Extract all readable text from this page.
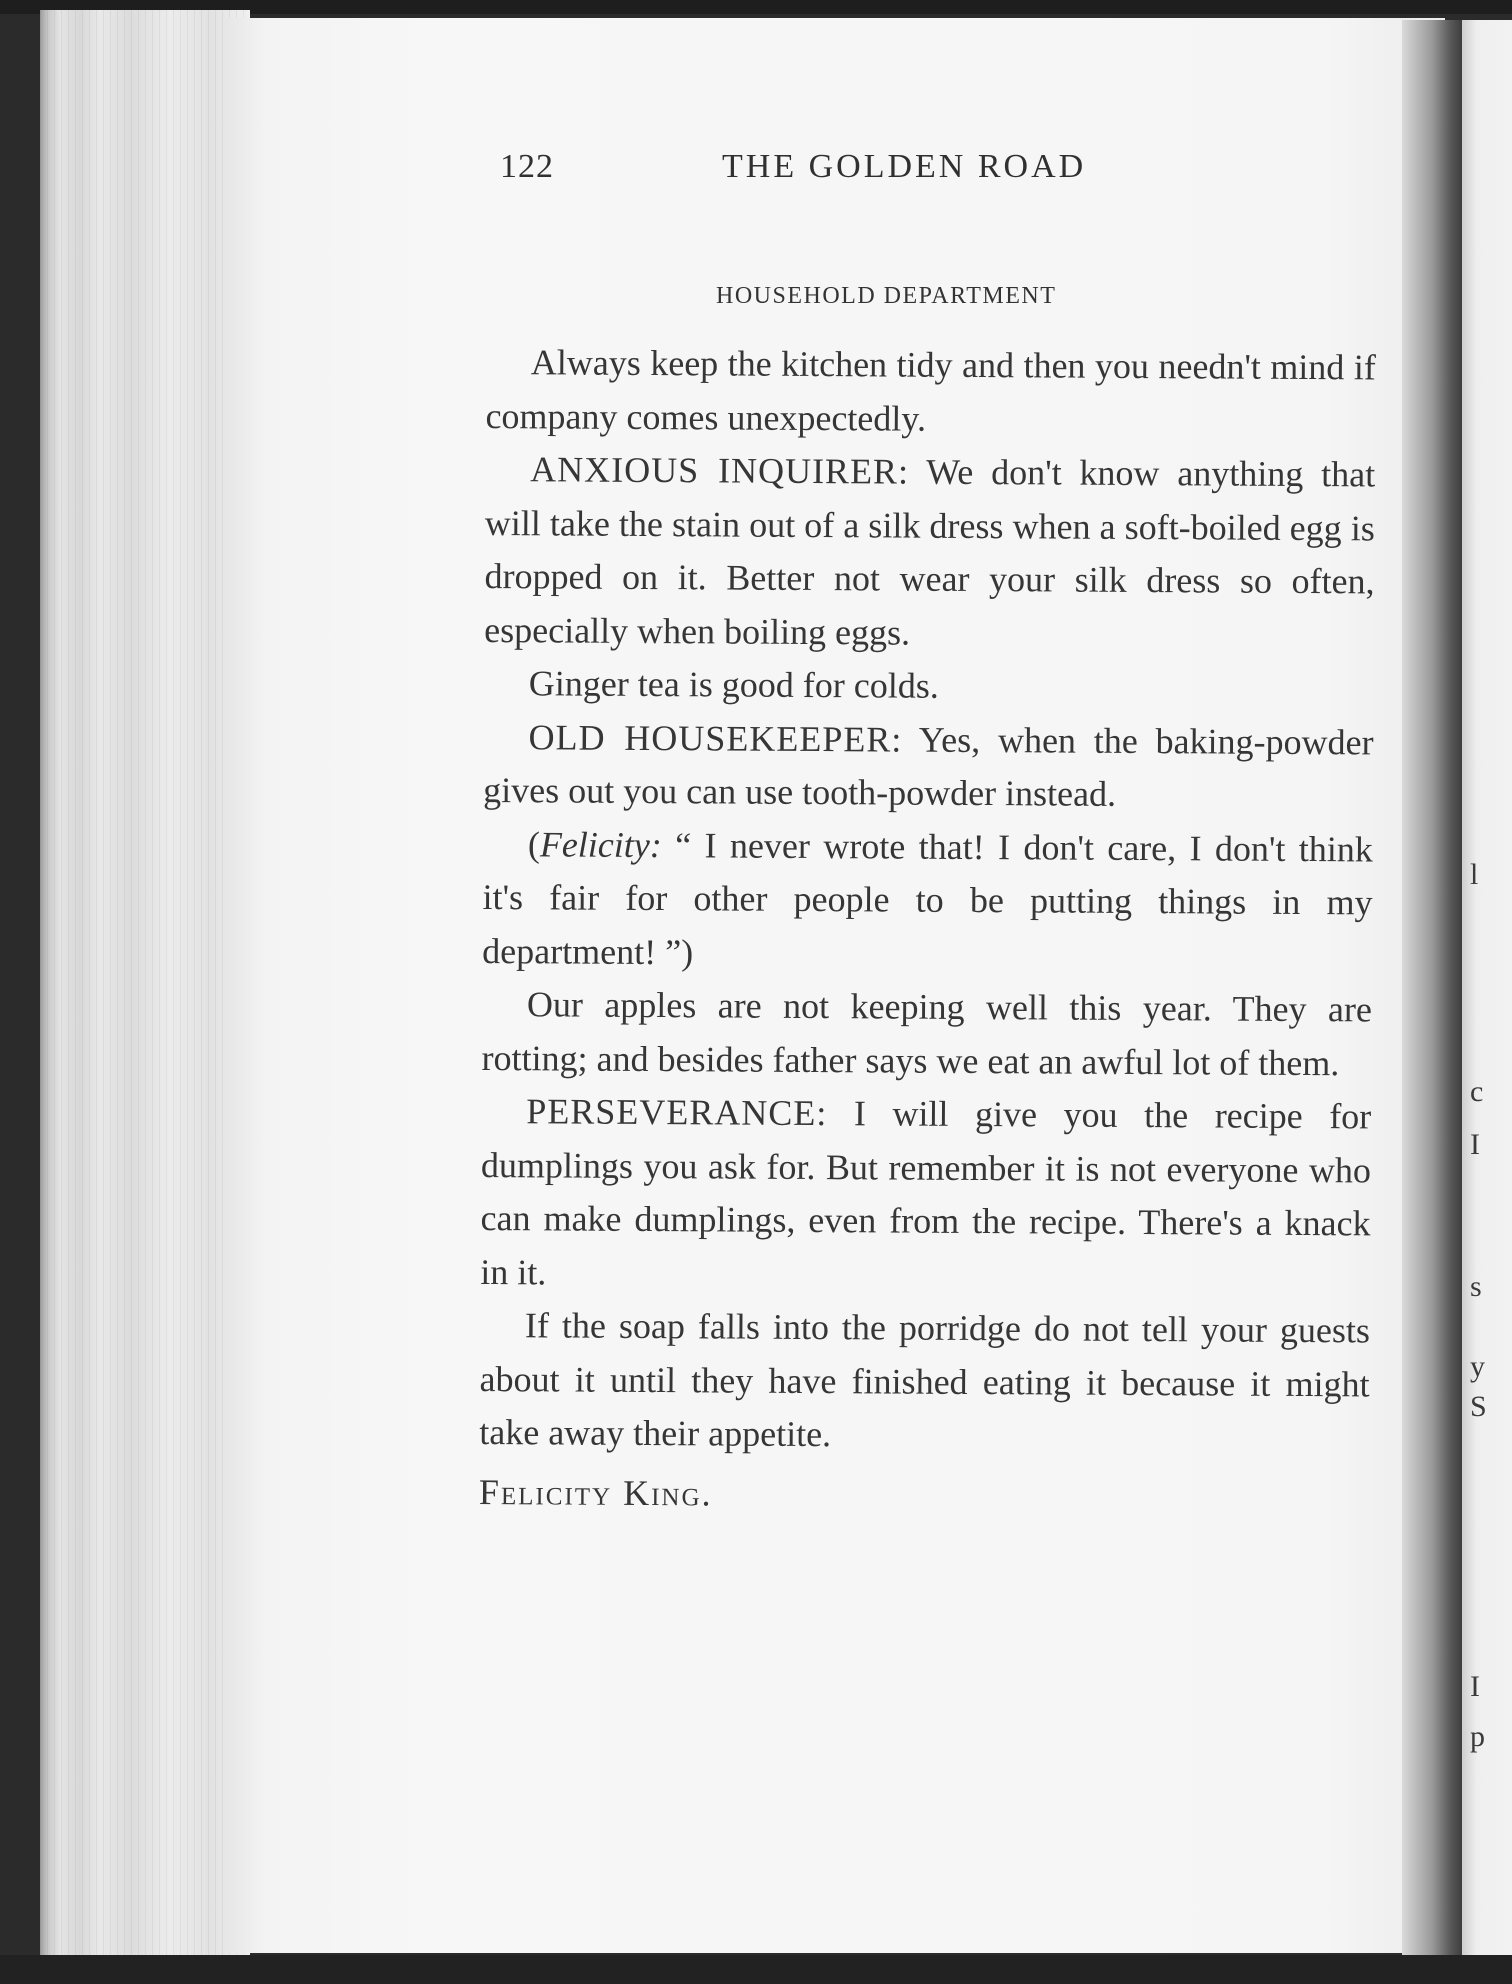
l
c
I
s
y
S
I
p
122	THE GOLDEN ROAD
HOUSEHOLD DEPARTMENT

Always keep the kitchen tidy and then you needn't mind if company comes unexpectedly.

ANXIOUS INQUIRER: We don't know anything that will take the stain out of a silk dress when a soft-boiled egg is dropped on it. Better not wear your silk dress so often, especially when boiling eggs.

Ginger tea is good for colds.

OLD HOUSEKEEPER: Yes, when the baking-powder gives out you can use tooth-powder instead.

(Felicity: “ I never wrote that! I don't care, I don't think it's fair for other people to be putting things in my department! ”)

Our apples are not keeping well this year. They are rotting; and besides father says we eat an awful lot of them.

PERSEVERANCE: I will give you the recipe for dumplings you ask for. But remember it is not everyone who can make dumplings, even from the recipe. There's a knack in it.

If the soap falls into the porridge do not tell your guests about it until they have finished eating it because it might take away their appetite.

Felicity King.
